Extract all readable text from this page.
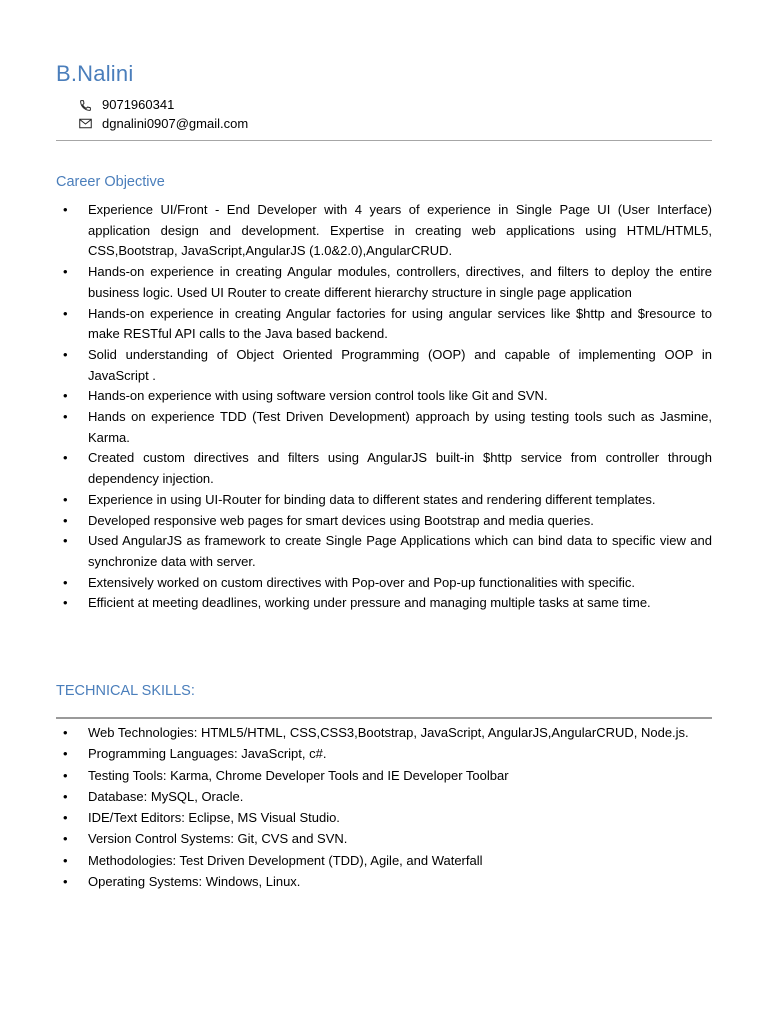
B.Nalini
9071960341
dgnalini0907@gmail.com
Career Objective
• Experience UI/Front - End Developer with 4 years of experience in Single Page UI (User Interface) application design and development. Expertise in creating web applications using HTML/HTML5, CSS,Bootstrap, JavaScript,AngularJS (1.0&2.0),AngularCRUD.
• Hands-on experience in creating Angular modules, controllers, directives, and filters to deploy the entire business logic. Used UI Router to create different hierarchy structure in single page application
• Hands-on experience in creating Angular factories for using angular services like $http and $resource to make RESTful API calls to the Java based backend.
• Solid understanding of Object Oriented Programming (OOP) and capable of implementing OOP in JavaScript .
• Hands-on experience with using software version control tools like Git and SVN.
• Hands on experience TDD (Test Driven Development) approach by using testing tools such as Jasmine, Karma.
• Created custom directives and filters using AngularJS built-in $http service from controller through dependency injection.
• Experience in using UI-Router for binding data to different states and rendering different templates.
• Developed responsive web pages for smart devices using Bootstrap and media queries.
• Used AngularJS as framework to create Single Page Applications which can bind data to specific view and synchronize data with server.
• Extensively worked on custom directives with Pop-over and Pop-up functionalities with specific.
• Efficient at meeting deadlines, working under pressure and managing multiple tasks at same time.
TECHNICAL SKILLS:
• Web Technologies: HTML5/HTML, CSS,CSS3,Bootstrap, JavaScript, AngularJS,AngularCRUD, Node.js.
• Programming Languages: JavaScript, c#.
• Testing Tools: Karma, Chrome Developer Tools and IE Developer Toolbar
• Database: MySQL, Oracle.
• IDE/Text Editors: Eclipse, MS Visual Studio.
• Version Control Systems: Git, CVS and SVN.
• Methodologies: Test Driven Development (TDD), Agile, and Waterfall
• Operating Systems: Windows, Linux.
